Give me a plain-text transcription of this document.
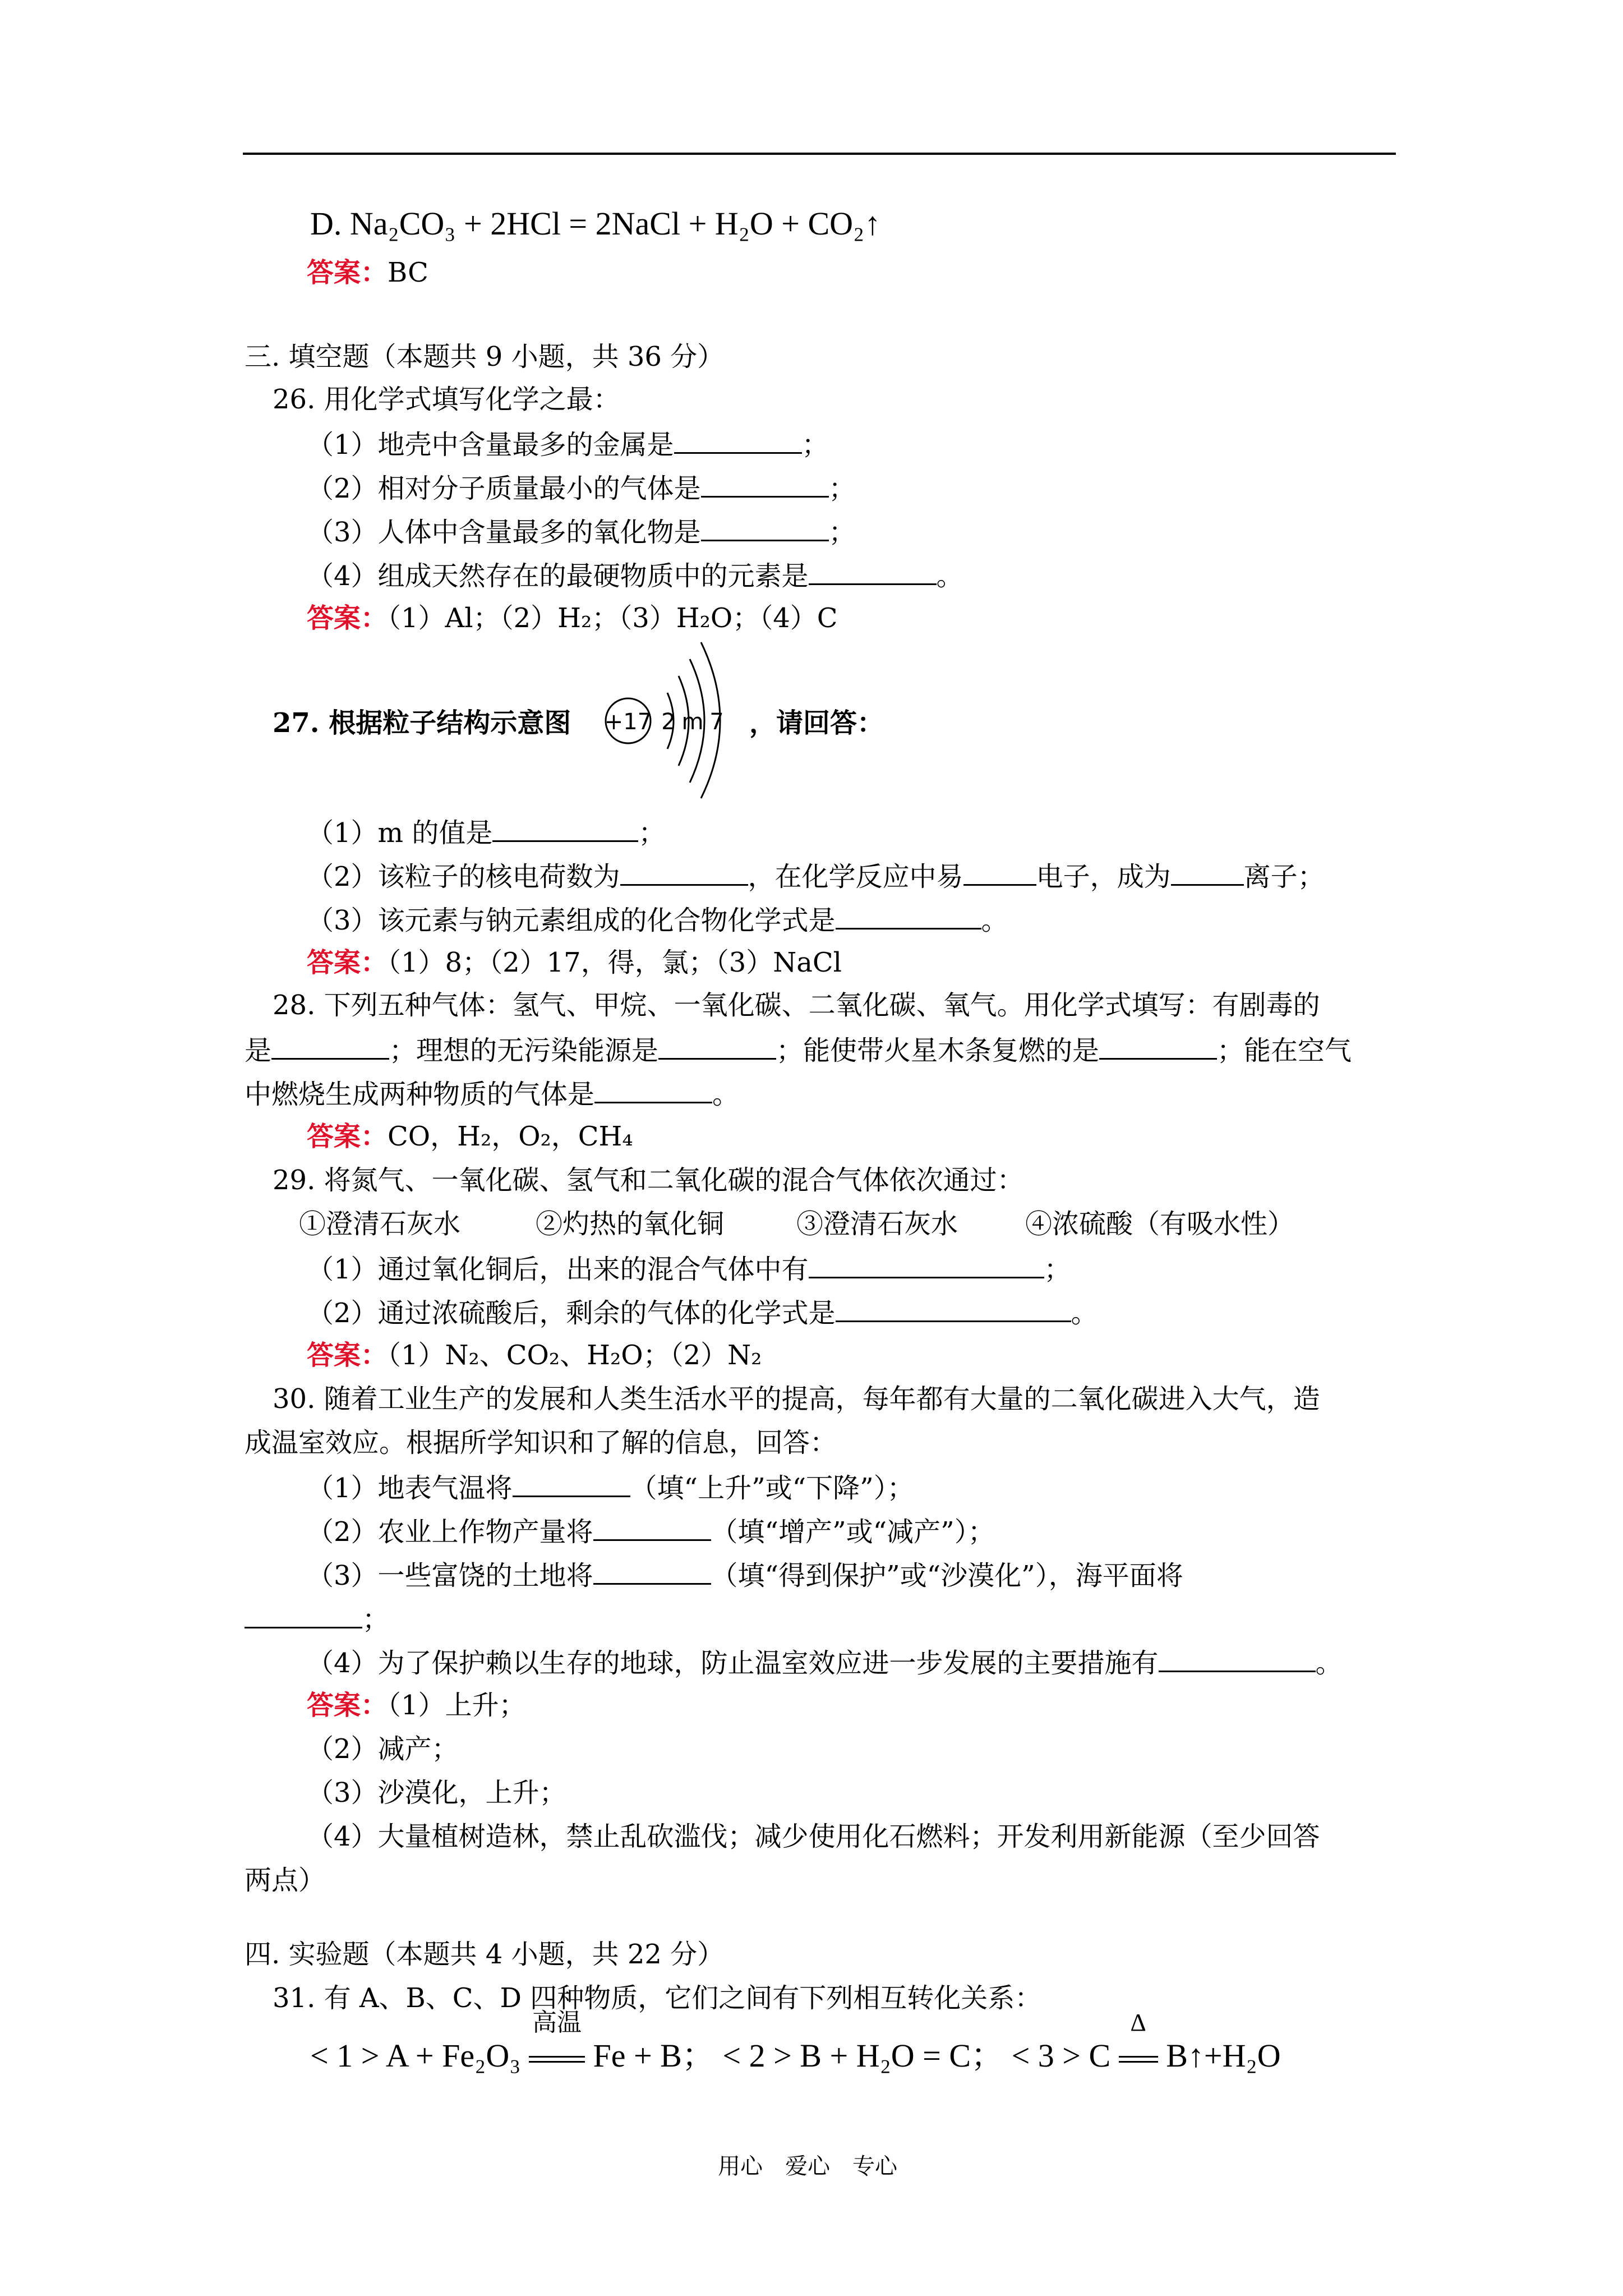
D. Na₂CO₃ + 2HCl = 2NaCl + H₂O + CO₂↑
答案：BC
三. 填空题（本题共 9 小题，共 36 分）
26. 用化学式填写化学之最：
（1）地壳中含量最多的金属是	；
（2）相对分子质量最小的气体是	；
（3）人体中含量最多的氧化物是	；
（4）组成天然存在的最硬物质中的元素是	。
答案：（1）Al；（2）H₂；（3）H₂O；（4）C
27. 根据粒子结构示意图 +17 2 m 7 ，请回答：
（1）m 的值是	；
（2）该粒子的核电荷数为	，在化学反应中易	电子，成为	离子；
（3）该元素与钠元素组成的化合物化学式是	。
答案：（1）8；（2）17，得，氯；（3）NaCl
28. 下列五种气体：氢气、甲烷、一氧化碳、二氧化碳、氧气。用化学式填写：有剧毒的
是	；理想的无污染能源是	；能使带火星木条复燃的是	；能在空气
中燃烧生成两种物质的气体是	。
答案：CO，H₂，O₂，CH₄
29. 将氮气、一氧化碳、氢气和二氧化碳的混合气体依次通过：
①澄清石灰水	②灼热的氧化铜	③澄清石灰水 ④浓硫酸（有吸水性）
（1）通过氧化铜后，出来的混合气体中有	；
（2）通过浓硫酸后，剩余的气体的化学式是	。
答案：（1）N₂、CO₂、H₂O；（2）N₂
30. 随着工业生产的发展和人类生活水平的提高，每年都有大量的二氧化碳进入大气，造
成温室效应。根据所学知识和了解的信息，回答：
（1）地表气温将	（填“上升”或“下降”）；
（2）农业上作物产量将	（填“增产”或“减产”）；
（3）一些富饶的土地将	（填“得到保护”或“沙漠化”），海平面将
；
（4）为了保护赖以生存的地球，防止温室效应进一步发展的主要措施有	。
答案：（1）上升；
（2）减产；
（3）沙漠化，上升；
（4）大量植树造林，禁止乱砍滥伐；减少使用化石燃料；开发利用新能源（至少回答
两点）
四. 实验题（本题共 4 小题，共 22 分）
31. 有 A、B、C、D 四种物质，它们之间有下列相互转化关系：
< 1 > A + Fe₂O₃
高温
Fe + B； < 2 > B + H₂O = C； < 3 > C
Δ
B↑+H₂O
用心　爱心　专心
